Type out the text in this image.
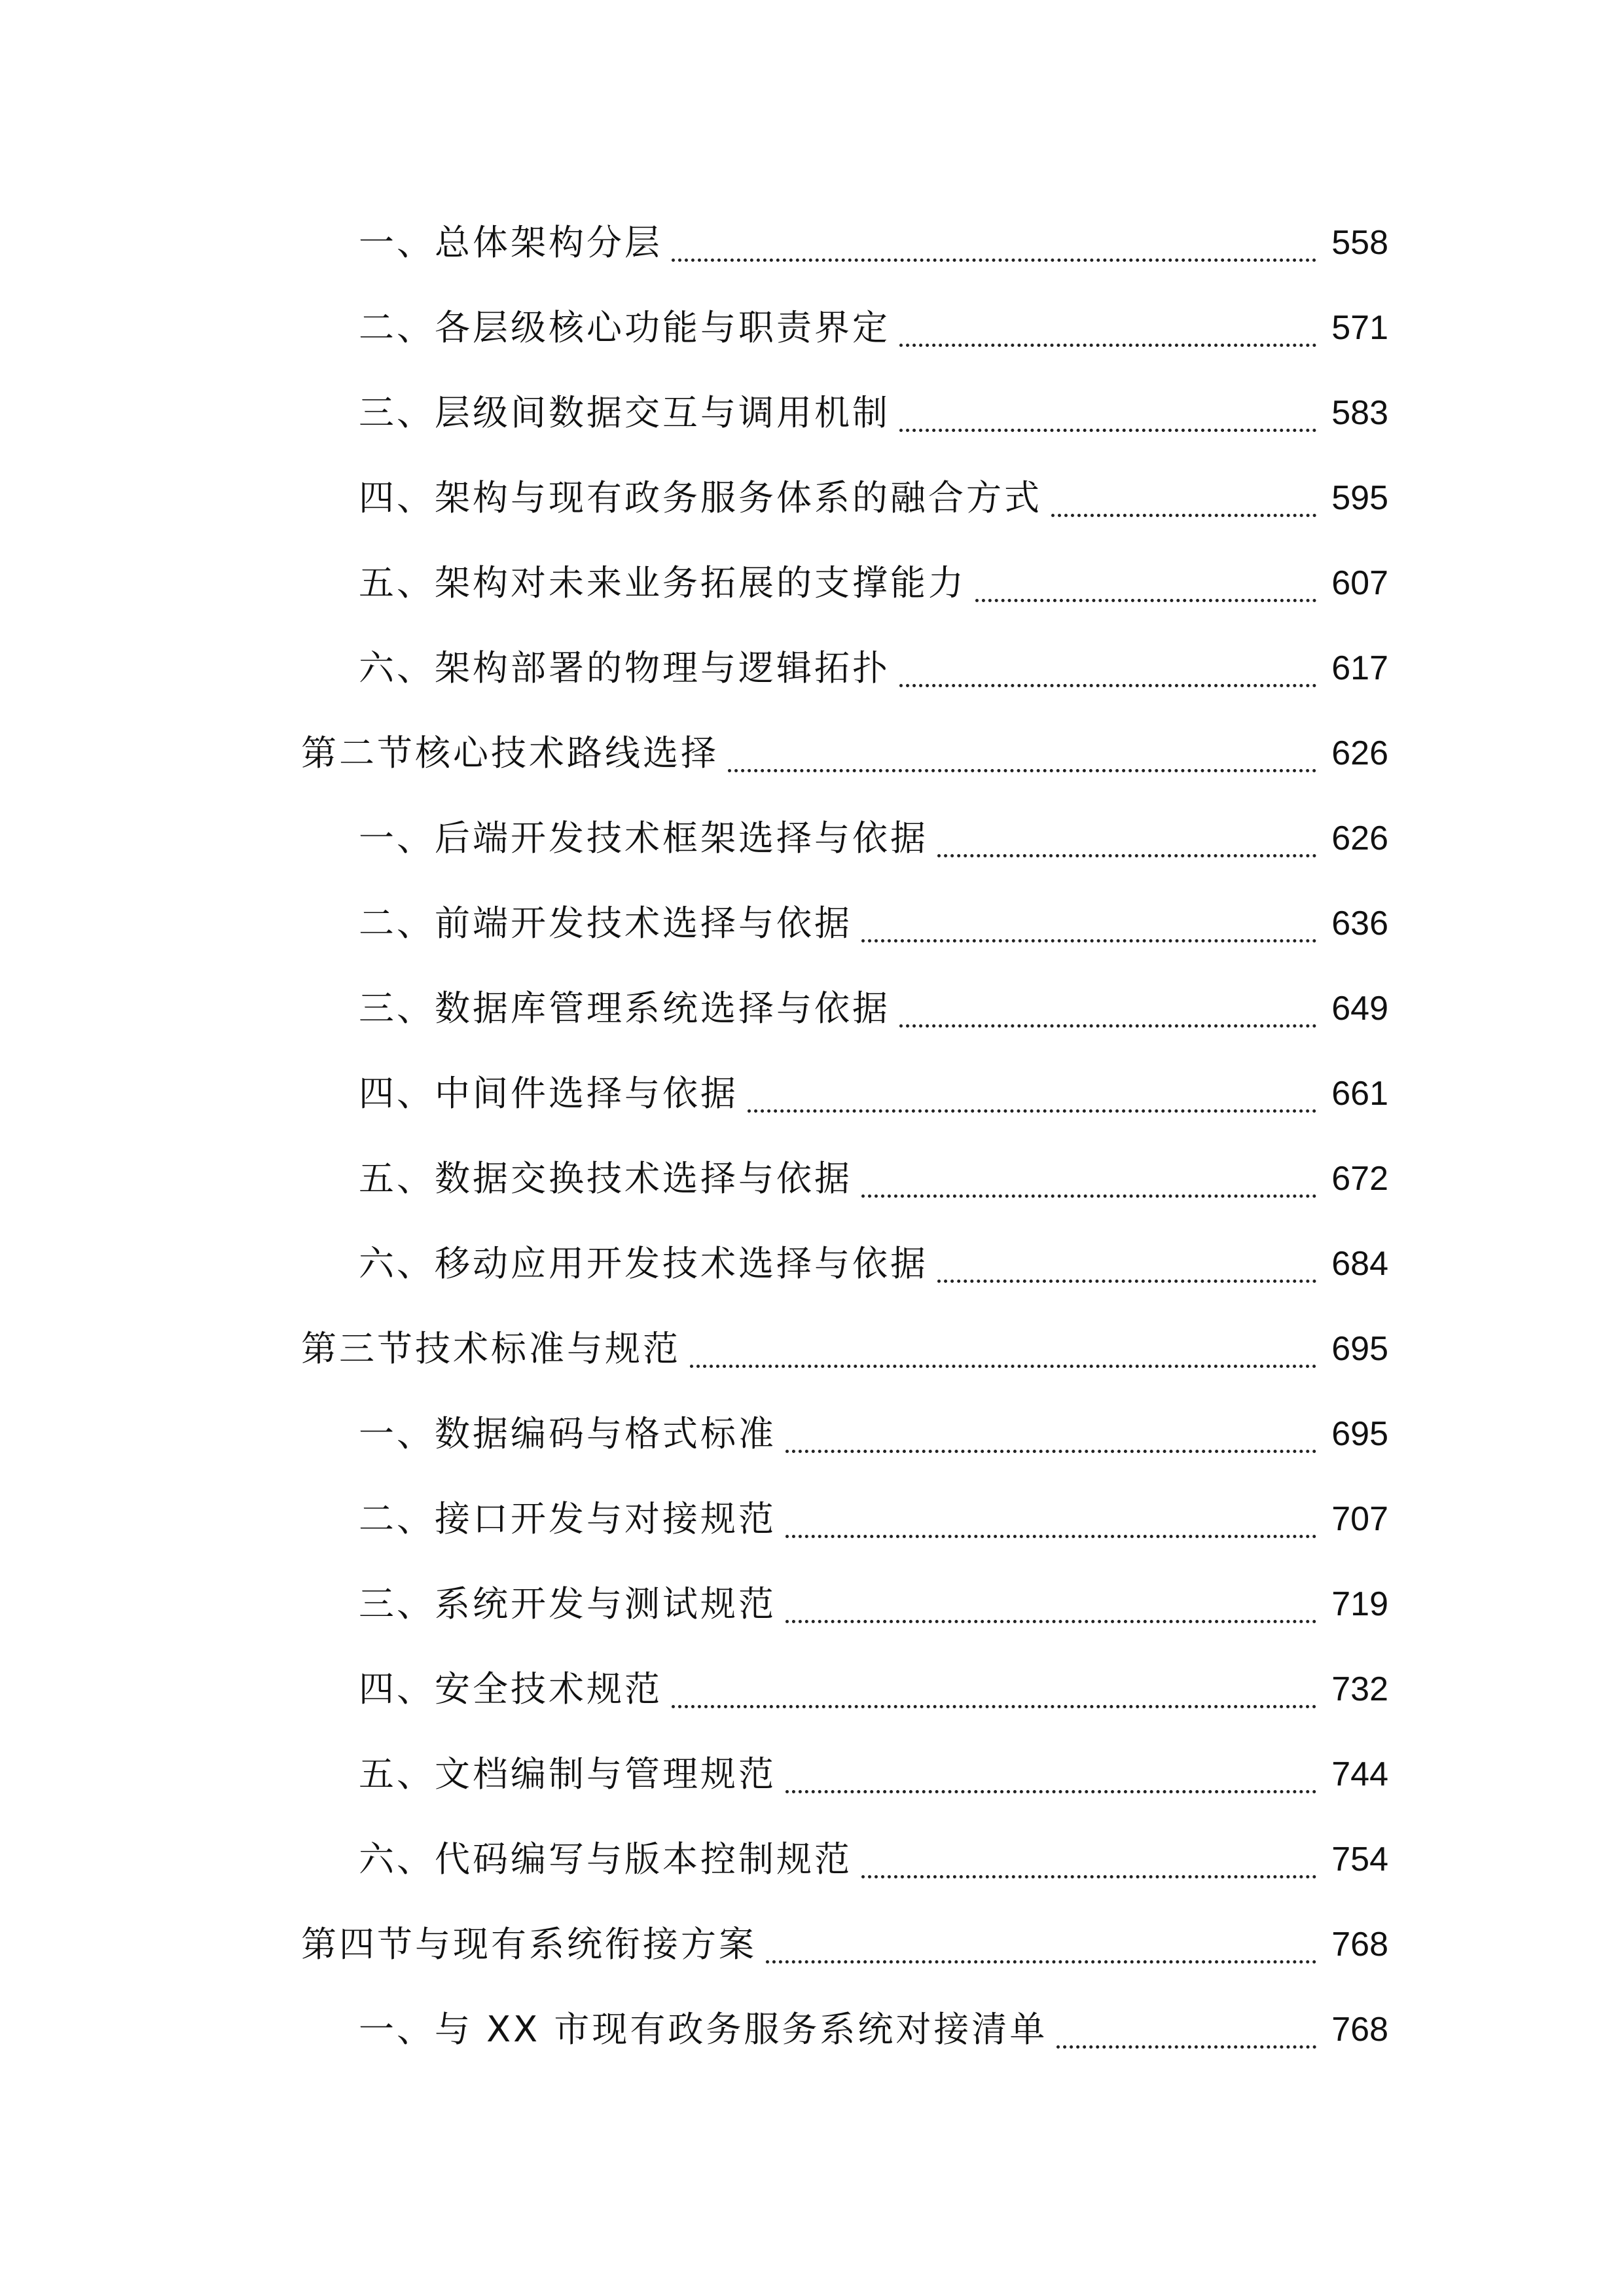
一、总体架构分层	558
二、各层级核心功能与职责界定	571
三、层级间数据交互与调用机制	583
四、架构与现有政务服务体系的融合方式	595
五、架构对未来业务拓展的支撑能力	607
六、架构部署的物理与逻辑拓扑	617
第二节核心技术路线选择	626
一、后端开发技术框架选择与依据	626
二、前端开发技术选择与依据	636
三、数据库管理系统选择与依据	649
四、中间件选择与依据	661
五、数据交换技术选择与依据	672
六、移动应用开发技术选择与依据	684
第三节技术标准与规范	695
一、数据编码与格式标准	695
二、接口开发与对接规范	707
三、系统开发与测试规范	719
四、安全技术规范	732
五、文档编制与管理规范	744
六、代码编写与版本控制规范	754
第四节与现有系统衔接方案	768
一、与 XX 市现有政务服务系统对接清单	768
